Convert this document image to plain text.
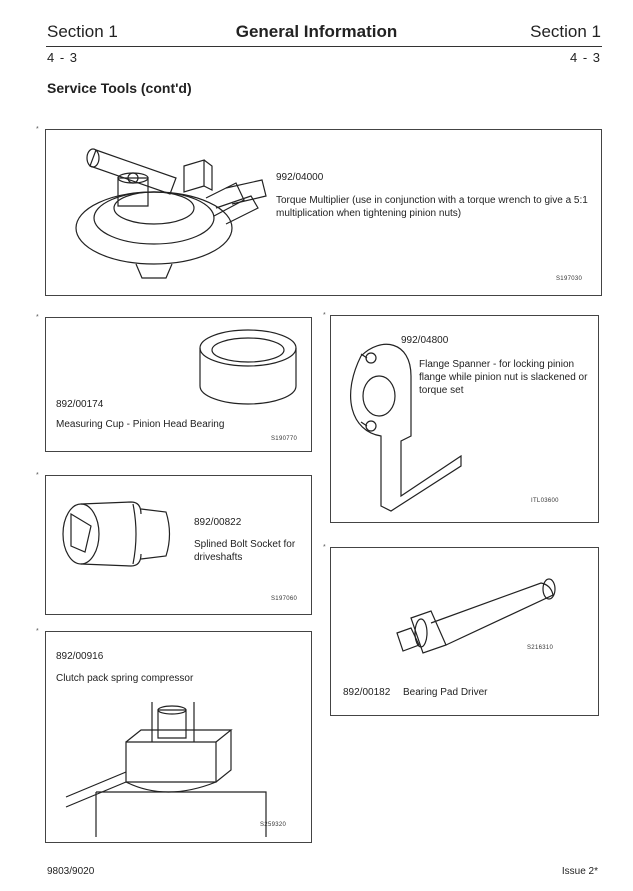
Section 1	General Information	Section 1
4 - 3	4 - 3
Service Tools (cont'd)
*
992/04000
Torque Multiplier (use in conjunction with a torque wrench to give a 5:1 multiplication when tightening pinion nuts)
S197030
*
892/00174
Measuring Cup - Pinion Head Bearing
S190770
*
992/04800
Flange Spanner - for locking pinion flange while pinion nut is slackened or torque set
ITL03600
*
892/00822
Splined Bolt Socket for driveshafts
S197060
*
892/00182 Bearing Pad Driver
S216310
*
892/00916
Clutch pack spring compressor
S259320
9803/9020	Issue 2*
